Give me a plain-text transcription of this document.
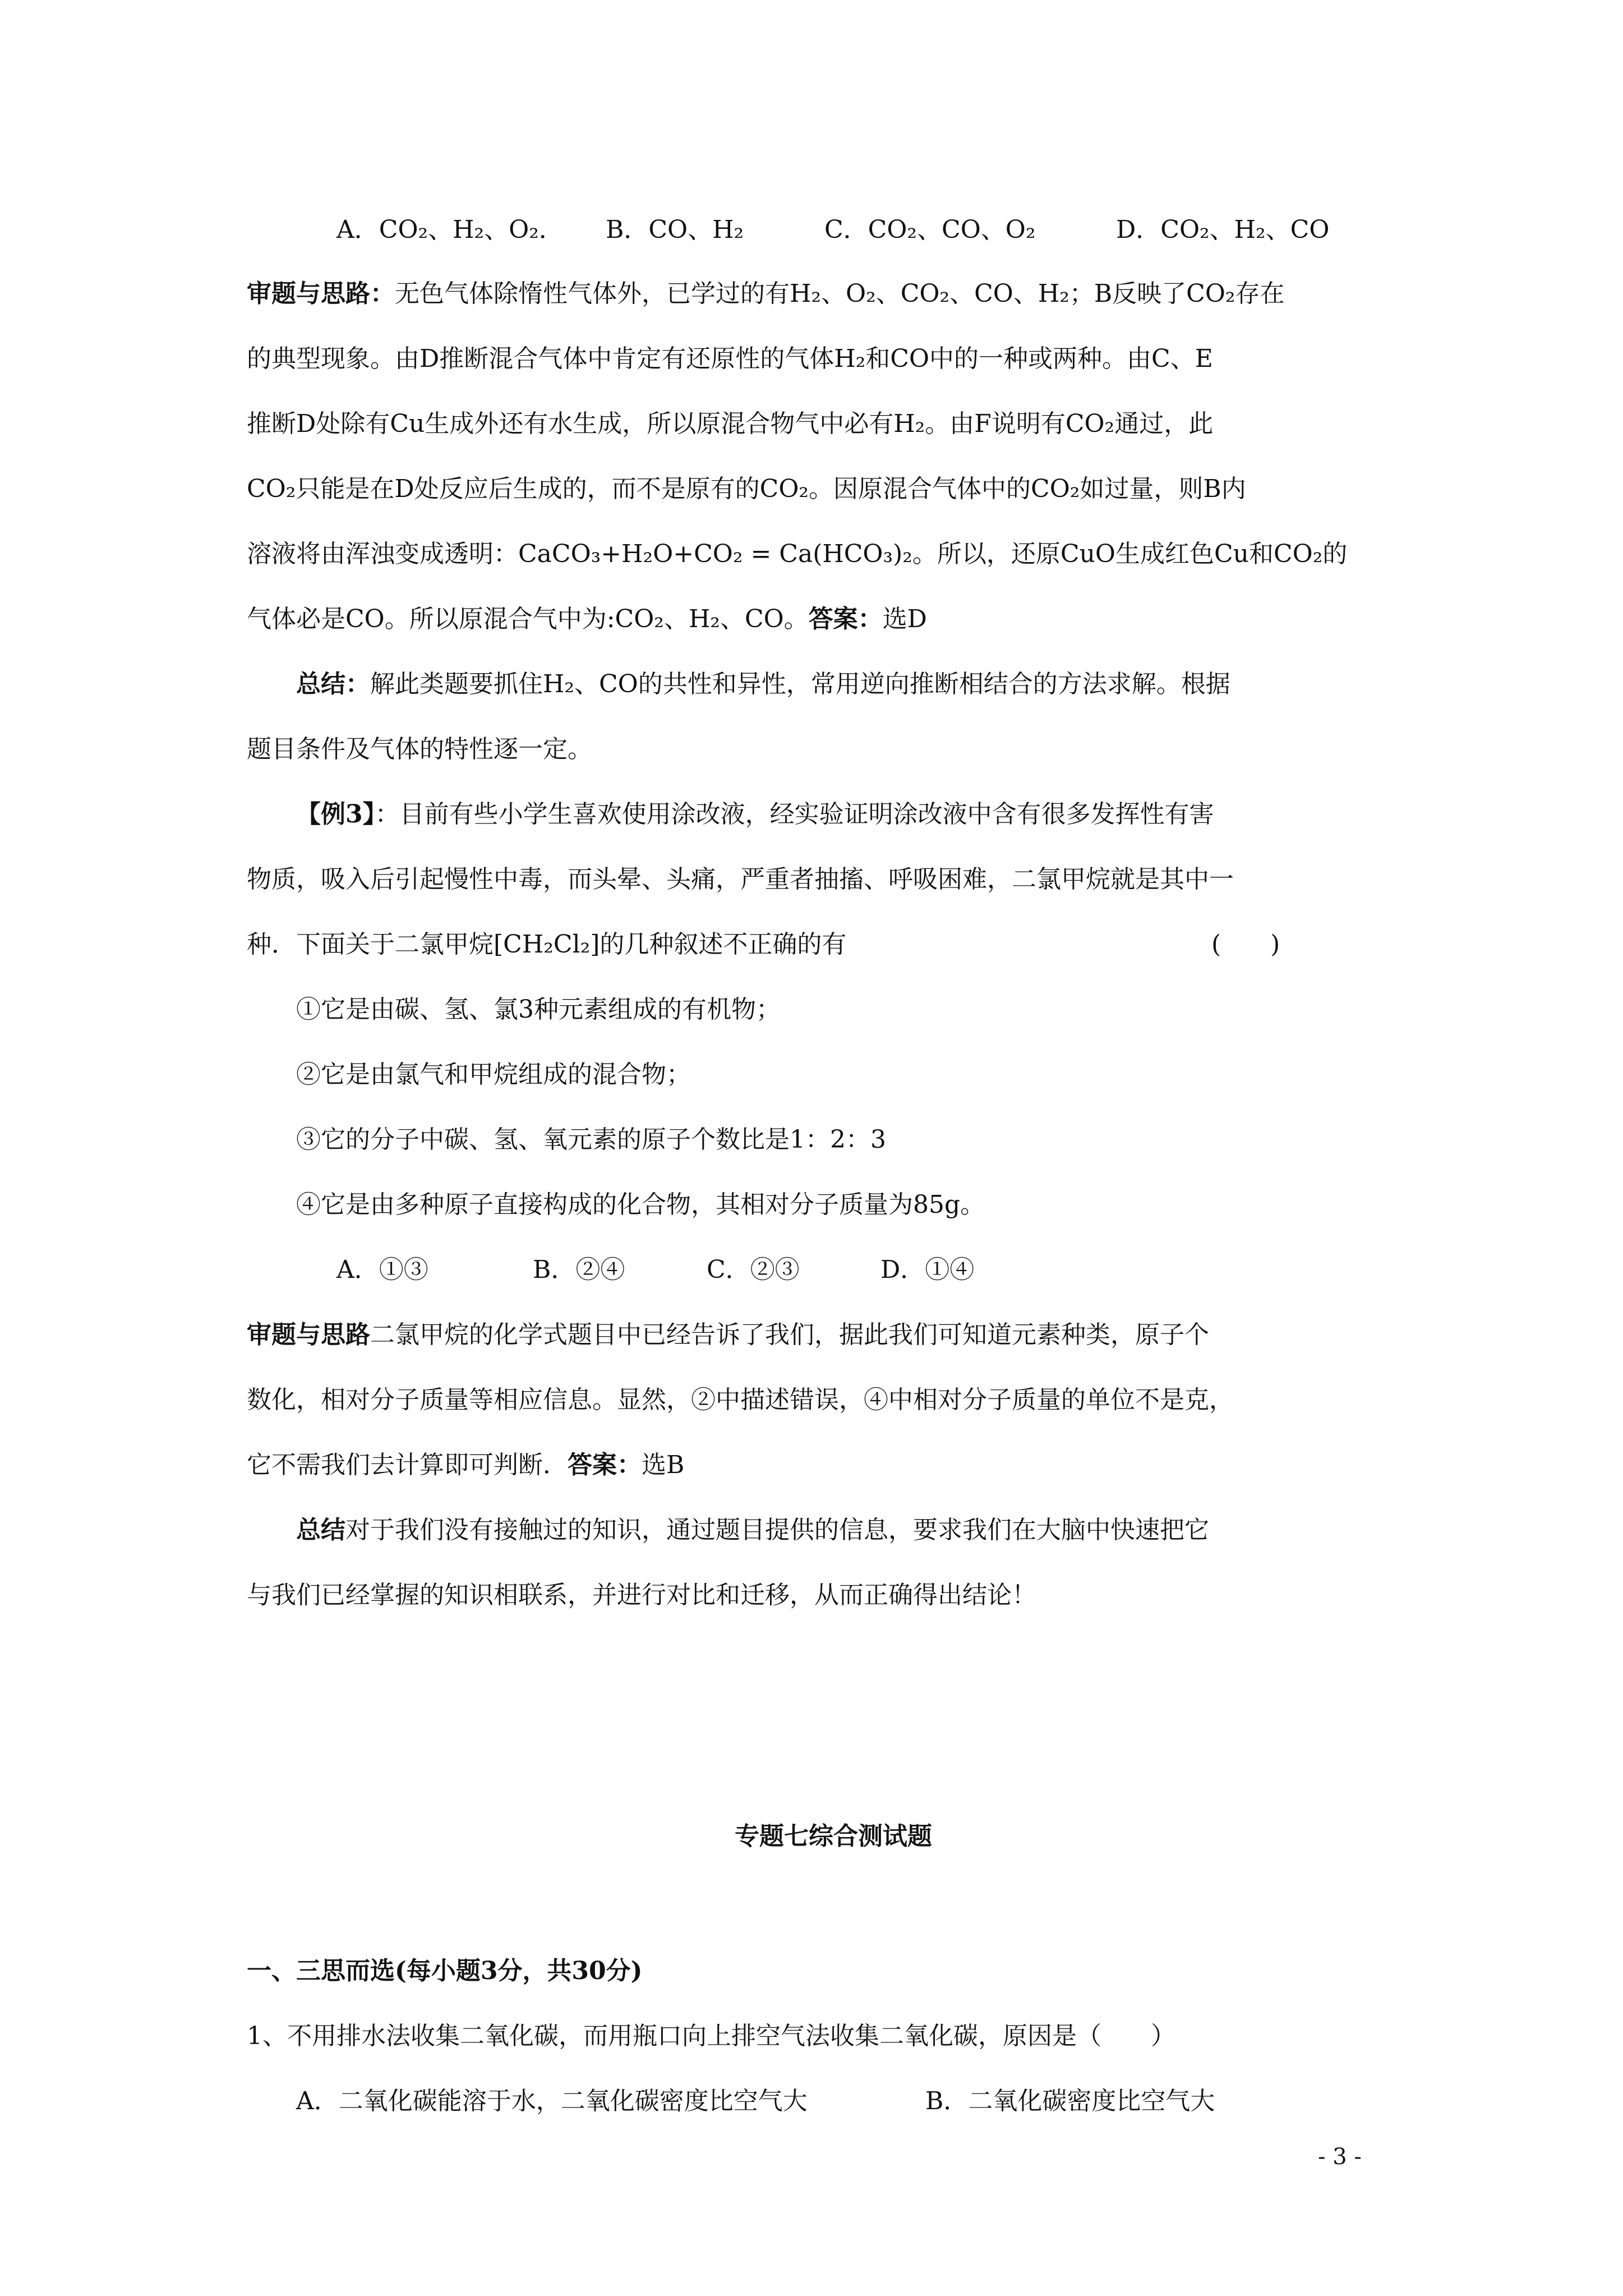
A．CO₂、H₂、O₂． B．CO、H₂	C．CO₂、CO、O₂	D．CO₂、H₂、CO
审题与思路：无色气体除惰性气体外，已学过的有H₂、O₂、CO₂、CO、H₂；B反映了CO₂存在
的典型现象。由D推断混合气体中肯定有还原性的气体H₂和CO中的一种或两种。由C、E
推断D处除有Cu生成外还有水生成，所以原混合物气中必有H₂。由F说明有CO₂通过，此
CO₂只能是在D处反应后生成的，而不是原有的CO₂。因原混合气体中的CO₂如过量，则B内
溶液将由浑浊变成透明：CaCO₃+H₂O+CO₂ = Ca(HCO₃)₂。所以，还原CuO生成红色Cu和CO₂的
气体必是CO。所以原混合气中为:CO₂、H₂、CO。答案：选D
总结：解此类题要抓住H₂、CO的共性和异性，常用逆向推断相结合的方法求解。根据
题目条件及气体的特性逐一定。
【例3】：目前有些小学生喜欢使用涂改液，经实验证明涂改液中含有很多发挥性有害
物质，吸入后引起慢性中毒，而头晕、头痛，严重者抽搐、呼吸困难，二氯甲烷就是其中一
种．下面关于二氯甲烷[CH₂Cl₂]的几种叙述不正确的有	(　　)
①它是由碳、氢、氯3种元素组成的有机物；
②它是由氯气和甲烷组成的混合物；
③它的分子中碳、氢、氧元素的原子个数比是1：2：3
④它是由多种原子直接构成的化合物，其相对分子质量为85g。
A．①③	B．②④	C．②③	D．①④
审题与思路二氯甲烷的化学式题目中已经告诉了我们，据此我们可知道元素种类，原子个
数化，相对分子质量等相应信息。显然，②中描述错误，④中相对分子质量的单位不是克，
它不需我们去计算即可判断．答案：选B
总结对于我们没有接触过的知识，通过题目提供的信息，要求我们在大脑中快速把它
与我们已经掌握的知识相联系，并进行对比和迁移，从而正确得出结论！
专题七综合测试题
一、三思而选(每小题3分，共30分)
1、不用排水法收集二氧化碳，而用瓶口向上排空气法收集二氧化碳，原因是（　　）
A．二氧化碳能溶于水，二氧化碳密度比空气大	B．二氧化碳密度比空气大
- 3 -
